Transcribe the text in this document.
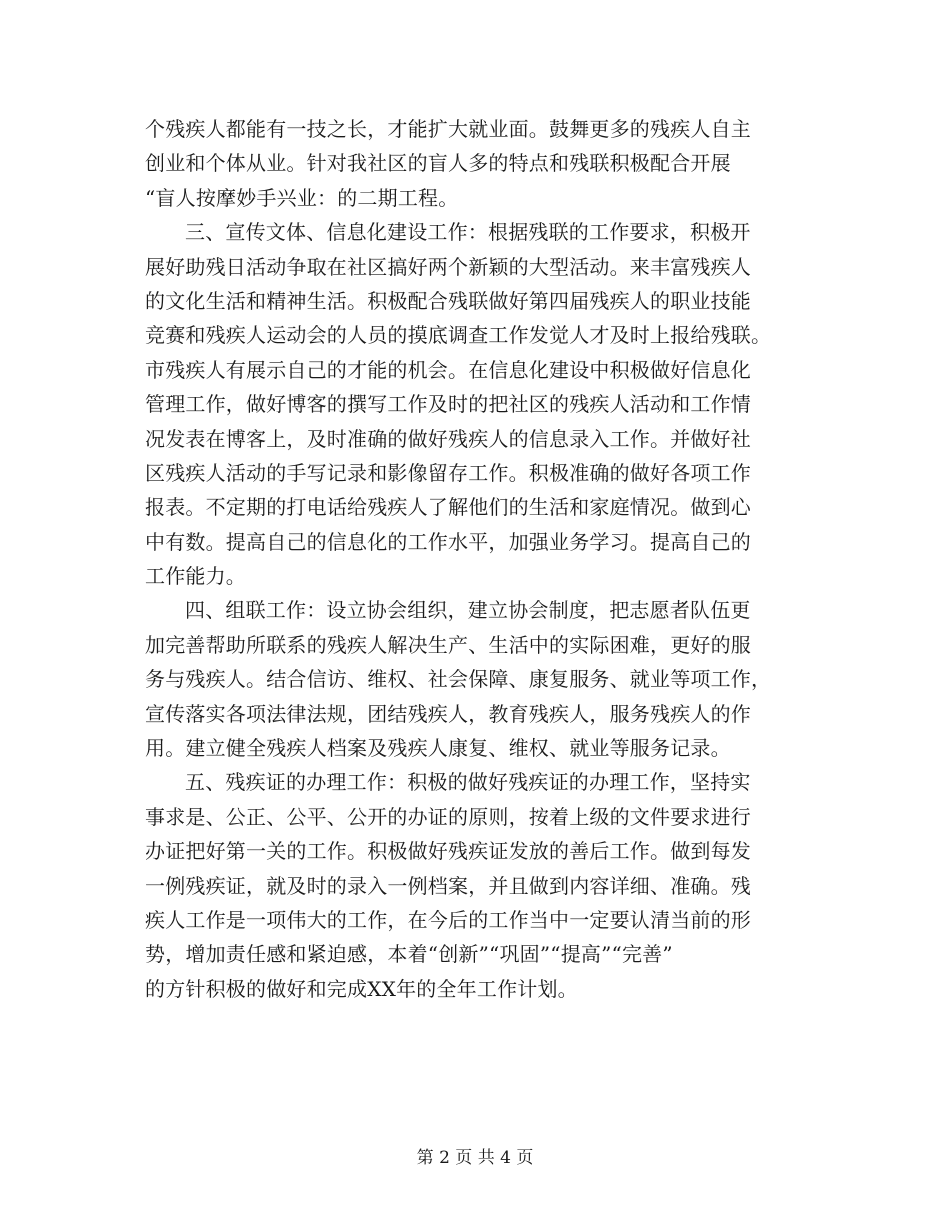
个残疾人都能有一技之长，才能扩大就业面。鼓舞更多的残疾人自主
创业和个体从业。针对我社区的盲人多的特点和残联积极配合开展
“盲人按摩妙手兴业：的二期工程。
三、宣传文体、信息化建设工作：根据残联的工作要求，积极开
展好助残日活动争取在社区搞好两个新颖的大型活动。来丰富残疾人
的文化生活和精神生活。积极配合残联做好第四届残疾人的职业技能
竞赛和残疾人运动会的人员的摸底调查工作发觉人才及时上报给残联。
市残疾人有展示自己的才能的机会。在信息化建设中积极做好信息化
管理工作，做好博客的撰写工作及时的把社区的残疾人活动和工作情
况发表在博客上，及时准确的做好残疾人的信息录入工作。并做好社
区残疾人活动的手写记录和影像留存工作。积极准确的做好各项工作
报表。不定期的打电话给残疾人了解他们的生活和家庭情况。做到心
中有数。提高自己的信息化的工作水平，加强业务学习。提高自己的
工作能力。
四、组联工作：设立协会组织，建立协会制度，把志愿者队伍更
加完善帮助所联系的残疾人解决生产、生活中的实际困难，更好的服
务与残疾人。结合信访、维权、社会保障、康复服务、就业等项工作，
宣传落实各项法律法规，团结残疾人，教育残疾人，服务残疾人的作
用。建立健全残疾人档案及残疾人康复、维权、就业等服务记录。
五、残疾证的办理工作：积极的做好残疾证的办理工作，坚持实
事求是、公正、公平、公开的办证的原则，按着上级的文件要求进行
办证把好第一关的工作。积极做好残疾证发放的善后工作。做到每发
一例残疾证，就及时的录入一例档案，并且做到内容详细、准确。残
疾人工作是一项伟大的工作，在今后的工作当中一定要认清当前的形
势，增加责任感和紧迫感，本着“创新”“巩固”“提高”“完善”
的方针积极的做好和完成XX年的全年工作计划。
第 2 页 共 4 页
